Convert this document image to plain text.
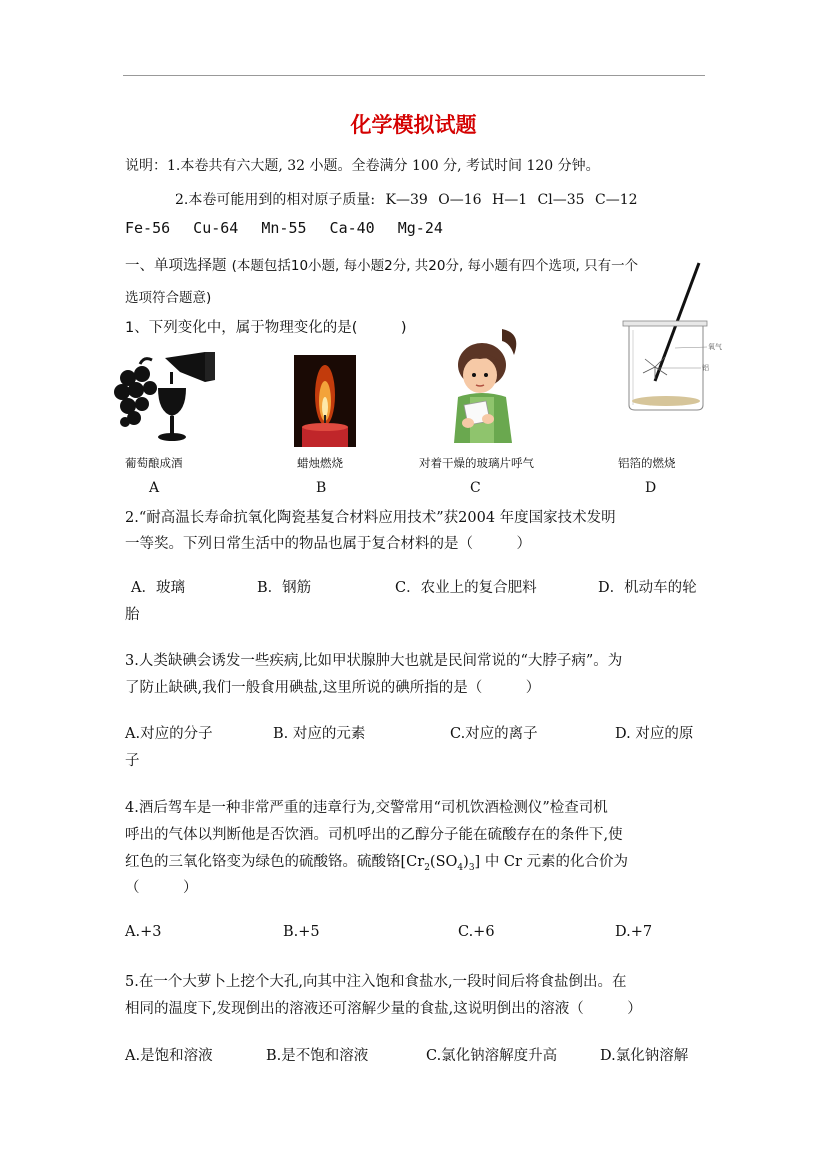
化学模拟试题
说明：1.本卷共有六大题, 32 小题。全卷满分 100 分, 考试时间 120 分钟。
2.本卷可能用到的相对原子质量: K—39 O—16 H—1 Cl—35 C—12
Fe-56 Cu-64 Mn-55 Ca-40 Mg-24
一、单项选择题 (本题包括10小题, 每小题2分, 共20分, 每小题有四个选项, 只有一个
选项符合题意)
1、下列变化中，属于物理变化的是(　　　)
氧气
铝
葡萄酿成酒	蜡烛燃烧	对着干燥的玻璃片呼气	铝箔的燃烧
A	B	C	D
2.“耐高温长寿命抗氧化陶瓷基复合材料应用技术”获2004 年度国家技术发明
一等奖。下列日常生活中的物品也属于复合材料的是（　　　）
A．玻璃	B．钢筋	C．农业上的复合肥料	D．机动车的轮
胎
3.人类缺碘会诱发一些疾病,比如甲状腺肿大也就是民间常说的“大脖子病”。为
了防止缺碘,我们一般食用碘盐,这里所说的碘所指的是（　　　）
A.对应的分子	B. 对应的元素	C.对应的离子	D. 对应的原
子
4.酒后驾车是一种非常严重的违章行为,交警常用“司机饮酒检测仪”检查司机
呼出的气体以判断他是否饮酒。司机呼出的乙醇分子能在硫酸存在的条件下,使
红色的三氧化铬变为绿色的硫酸铬。硫酸铬$[Cr_2(SO_4)_3]$ 中 Cr 元素的化合价为
（　　　）
A.+3	B.+5	C.+6	D.+7
5.在一个大萝卜上挖个大孔,向其中注入饱和食盐水,一段时间后将食盐倒出。在
相同的温度下,发现倒出的溶液还可溶解少量的食盐,这说明倒出的溶液（　　　）
A.是饱和溶液	B.是不饱和溶液	C.氯化钠溶解度升高	D.氯化钠溶解
